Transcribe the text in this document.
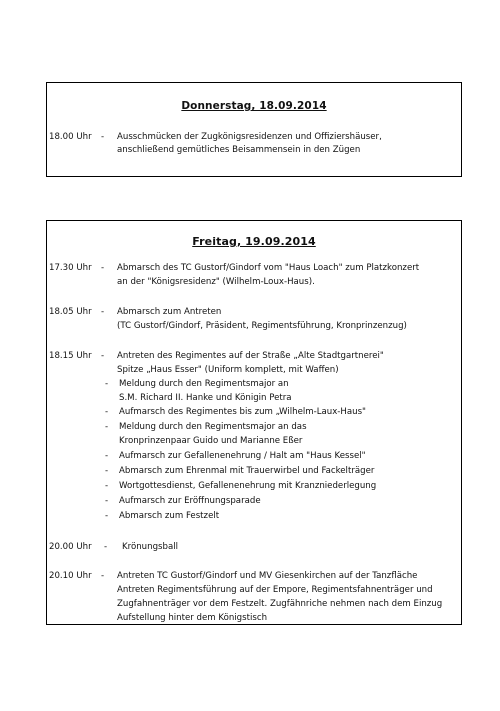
Donnerstag, 18.09.2014
18.00 Uhr - Ausschmücken der Zugkönigsresidenzen und Offiziershäuser,
anschließend gemütliches Beisammensein in den Zügen
Freitag, 19.09.2014
17.30 Uhr - Abmarsch des TC Gustorf/Gindorf vom "Haus Loach" zum Platzkonzert
an der "Königsresidenz" (Wilhelm-Loux-Haus).
18.05 Uhr - Abmarsch zum Antreten
(TC Gustorf/Gindorf, Präsident, Regimentsführung, Kronprinzenzug)
18.15 Uhr - Antreten des Regimentes auf der Straße „Alte Stadtgartnerei"
Spitze „Haus Esser" (Uniform komplett, mit Waffen)
- Meldung durch den Regimentsmajor an
S.M. Richard II. Hanke und Königin Petra
- Aufmarsch des Regimentes bis zum „Wilhelm-Laux-Haus"
- Meldung durch den Regimentsmajor an das
Kronprinzenpaar Guido und Marianne Eßer
- Aufmarsch zur Gefallenenehrung / Halt am "Haus Kessel"
- Abmarsch zum Ehrenmal mit Trauerwirbel und Fackelträger
- Wortgottesdienst, Gefallenenehrung mit Kranzniederlegung
- Aufmarsch zur Eröffnungsparade
- Abmarsch zum Festzelt
20.00 Uhr - Krönungsball
20.10 Uhr - Antreten TC Gustorf/Gindorf und MV Giesenkirchen auf der Tanzfläche
Antreten Regimentsführung auf der Empore, Regimentsfahnenträger und
Zugfahnenträger vor dem Festzelt. Zugfähnriche nehmen nach dem Einzug
Aufstellung hinter dem Königstisch
